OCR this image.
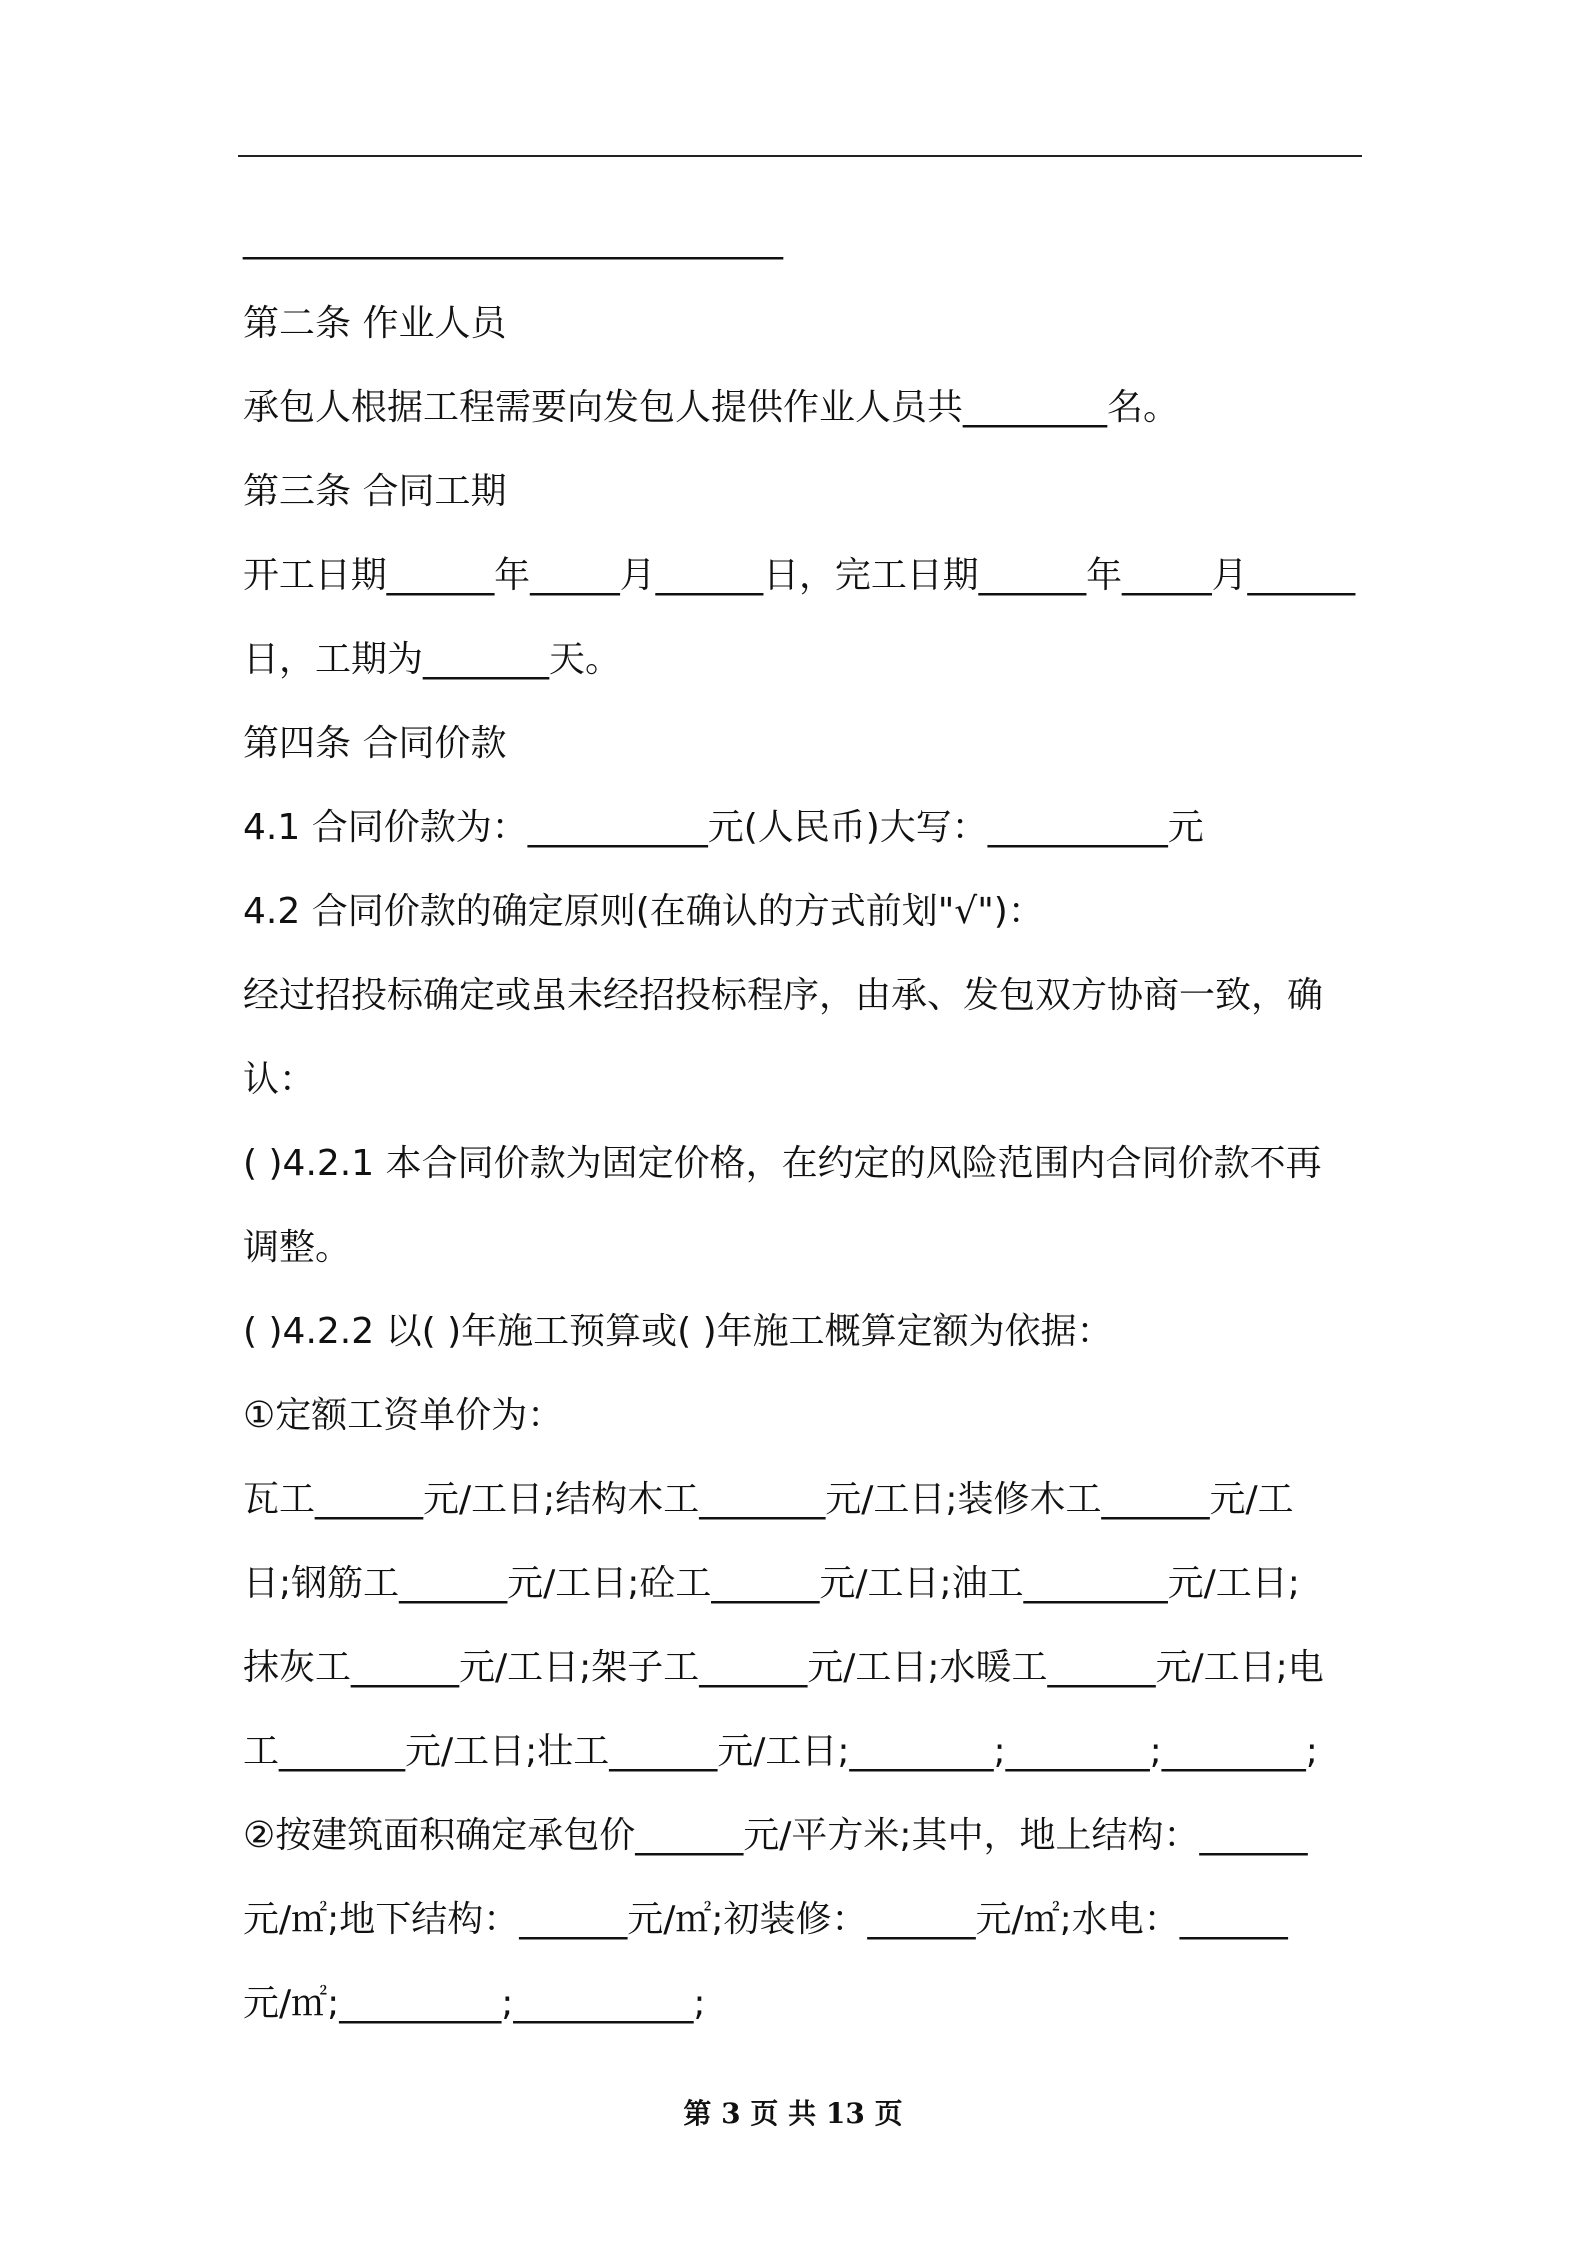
______________________________
第二条 作业人员
承包人根据工程需要向发包人提供作业人员共________名。
第三条 合同工期
开工日期______年_____月______日，完工日期______年_____月______
日，工期为_______天。
第四条 合同价款
4.1 合同价款为：__________元(人民币)大写：__________元
4.2 合同价款的确定原则(在确认的方式前划"√")：
经过招投标确定或虽未经招投标程序，由承、发包双方协商一致，确
认：
( )4.2.1 本合同价款为固定价格，在约定的风险范围内合同价款不再
调整。
( )4.2.2 以( )年施工预算或( )年施工概算定额为依据：
①定额工资单价为：
瓦工______元/工日;结构木工_______元/工日;装修木工______元/工
日;钢筋工______元/工日;砼工______元/工日;油工________元/工日;
抹灰工______元/工日;架子工______元/工日;水暖工______元/工日;电
工_______元/工日;壮工______元/工日;________;________;________;
②按建筑面积确定承包价______元/平方米;其中，地上结构：______
元/㎡;地下结构：______元/㎡;初装修：______元/㎡;水电：______
元/㎡;_________;__________;
第 3 页 共 13 页
